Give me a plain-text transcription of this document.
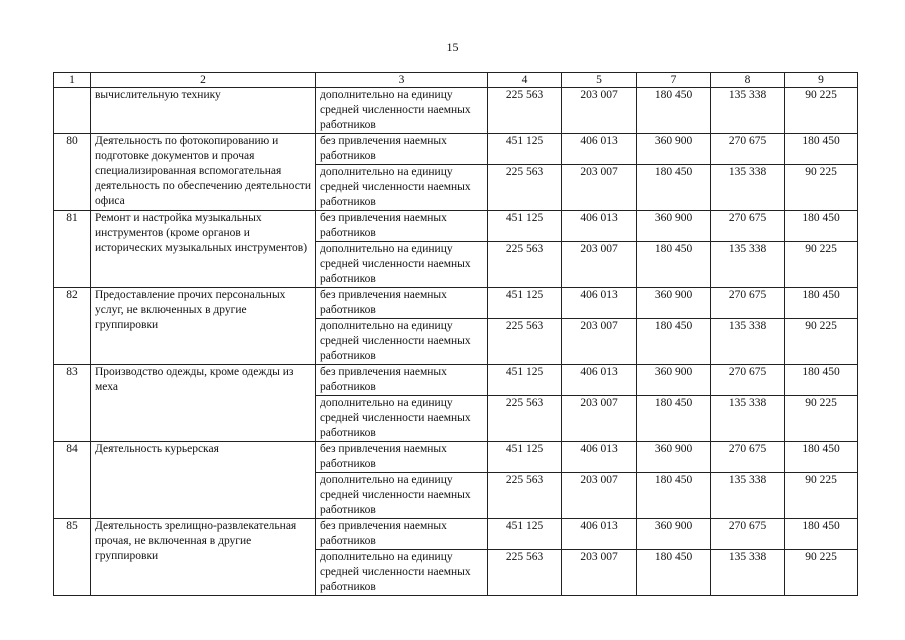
15
1	2	3	4	5	7	8	9
	вычислительную технику	дополнительно на единицу средней численности наемных работников	225 563	203 007	180 450	135 338	90 225
80	Деятельность по фотокопированию и подготовке документов и прочая специализированная вспомогательная деятельность по обеспечению деятельности офиса	без привлечения наемных работников	451 125	406 013	360 900	270 675	180 450
		дополнительно на единицу средней численности наемных работников	225 563	203 007	180 450	135 338	90 225
81	Ремонт и настройка музыкальных инструментов (кроме органов и исторических музыкальных инструментов)	без привлечения наемных работников	451 125	406 013	360 900	270 675	180 450
		дополнительно на единицу средней численности наемных работников	225 563	203 007	180 450	135 338	90 225
82	Предоставление прочих персональных услуг, не включенных в другие группировки	без привлечения наемных работников	451 125	406 013	360 900	270 675	180 450
		дополнительно на единицу средней численности наемных работников	225 563	203 007	180 450	135 338	90 225
83	Производство одежды, кроме одежды из меха	без привлечения наемных работников	451 125	406 013	360 900	270 675	180 450
		дополнительно на единицу средней численности наемных работников	225 563	203 007	180 450	135 338	90 225
84	Деятельность курьерская	без привлечения наемных работников	451 125	406 013	360 900	270 675	180 450
		дополнительно на единицу средней численности наемных работников	225 563	203 007	180 450	135 338	90 225
85	Деятельность зрелищно-развлекательная прочая, не включенная в другие группировки	без привлечения наемных работников	451 125	406 013	360 900	270 675	180 450
		дополнительно на единицу средней численности наемных работников	225 563	203 007	180 450	135 338	90 225
